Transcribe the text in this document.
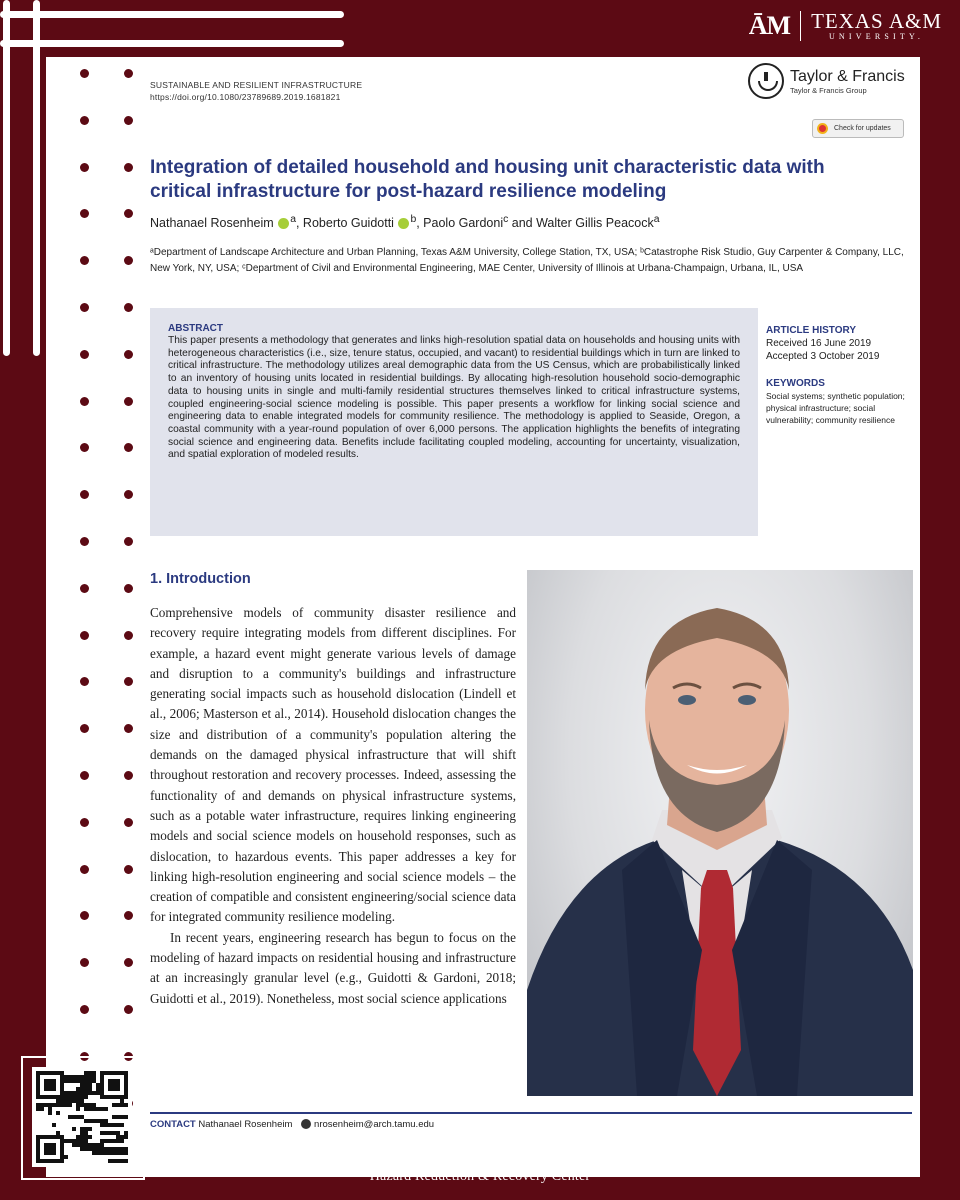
ĀM	TEXAS A&M
UNIVERSITY.
SUSTAINABLE AND RESILIENT INFRASTRUCTURE
https://doi.org/10.1080/23789689.2019.1681821
Taylor & Francis
Taylor & Francis Group
Check for updates
Integration of detailed household and housing unit characteristic data with critical infrastructure for post-hazard resilience modeling
Nathanael Rosenheim $^a$, Roberto Guidotti $^b$, Paolo Gardoni$^c$ and Walter Gillis Peacock$^a$
ᵃDepartment of Landscape Architecture and Urban Planning, Texas A&M University, College Station, TX, USA; ᵇCatastrophe Risk Studio, Guy Carpenter & Company, LLC, New York, NY, USA; ᶜDepartment of Civil and Environmental Engineering, MAE Center, University of Illinois at Urbana-Champaign, Urbana, IL, USA
ABSTRACT
This paper presents a methodology that generates and links high-resolution spatial data on households and housing units with heterogeneous characteristics (i.e., size, tenure status, occupied, and vacant) to residential buildings which in turn are linked to critical infrastructure. The methodology utilizes areal demographic data from the US Census, which are probabilistically linked to an inventory of housing units located in residential buildings. By allocating high-resolution household socio-demographic data to housing units in single and multi-family residential structures themselves linked to critical infrastructure systems, coupled engineering-social science modeling is possible. This paper presents a workflow for linking social science and engineering data to enable integrated models for community resilience. The methodology is applied to Seaside, Oregon, a coastal community with a year-round population of over 6,000 persons. The application highlights the benefits of integrating social science and engineering data. Benefits include facilitating coupled modeling, accounting for uncertainty, visualization, and spatial exploration of modeled results.
ARTICLE HISTORY
Received 16 June 2019
Accepted 3 October 2019
KEYWORDS
Social systems; synthetic population; physical infrastructure; social vulnerability; community resilience
1. Introduction

Comprehensive models of community disaster resilience and recovery require integrating models from different disciplines. For example, a hazard event might generate various levels of damage and disruption to a community's buildings and infrastructure generating social impacts such as household dislocation (Lindell et al., 2006; Masterson et al., 2014). Household dislocation changes the size and distribution of a community's population altering the demands on the damaged physical infrastructure that will shift throughout restoration and recovery processes. Indeed, assessing the functionality of and demands on physical infrastructure systems, such as a potable water infrastructure, requires linking engineering models and social science models on household responses, such as dislocation, to hazardous events. This paper addresses a key for linking high-resolution engineering and social science models – the creation of compatible and consistent engineering/social science data for integrated community resilience modeling.

In recent years, engineering research has begun to focus on the modeling of hazard impacts on residential housing and infrastructure at an increasingly granular level (e.g., Guidotti & Gardoni, 2018; Guidotti et al., 2019). Nonetheless, most social science applications

CONTACT Nathanael Rosenheim nrosenheim@arch.tamu.edu
Hazard Reduction & Recovery Center
